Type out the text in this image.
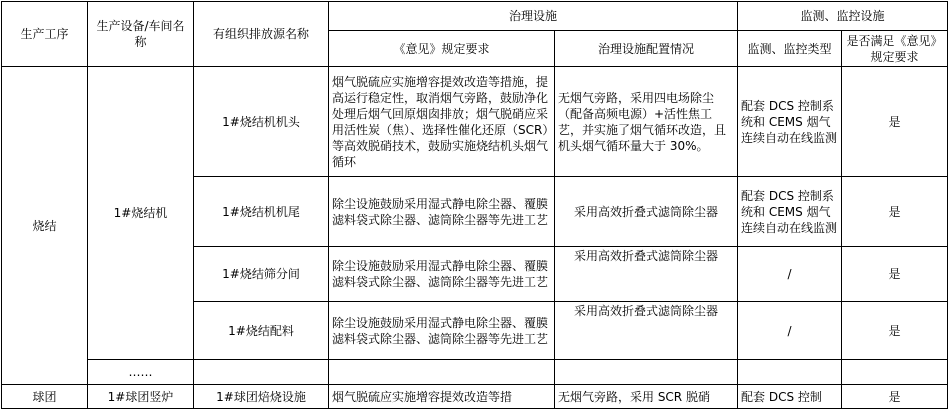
生产工序	生产设备/车间名称	有组织排放源名称	治理设施		监测、监控设施	
			《意见》规定要求	治理设施配置情况	监测、监控类型	是否满足《意见》规定要求
烧结	1#烧结机	1#烧结机机头	烟气脱硫应实施增容提效改造等措施，提高运行稳定性，取消烟气旁路，鼓励净化处理后烟气回原烟囱排放；烟气脱硝应采用活性炭（焦）、选择性催化还原（SCR）等高效脱硝技术，鼓励实施烧结机头烟气循环	无烟气旁路，采用四电场除尘（配备高频电源）+活性焦工艺，并实施了烟气循环改造，且机头烟气循环量大于 30%。	配套 DCS 控制系统和 CEMS 烟气连续自动在线监测	是
		1#烧结机机尾	除尘设施鼓励采用湿式静电除尘器、覆膜滤料袋式除尘器、滤筒除尘器等先进工艺	采用高效折叠式滤筒除尘器	配套 DCS 控制系统和 CEMS 烟气连续自动在线监测	是
		1#烧结筛分间	除尘设施鼓励采用湿式静电除尘器、覆膜滤料袋式除尘器、滤筒除尘器等先进工艺	采用高效折叠式滤筒除尘器	/	是
		1#烧结配料	除尘设施鼓励采用湿式静电除尘器、覆膜滤料袋式除尘器、滤筒除尘器等先进工艺	采用高效折叠式滤筒除尘器	/	是
	……					
球团	1#球团竖炉	1#球团焙烧设施	烟气脱硫应实施增容提效改造等措	无烟气旁路，采用 SCR 脱硝	配套 DCS 控制	是
